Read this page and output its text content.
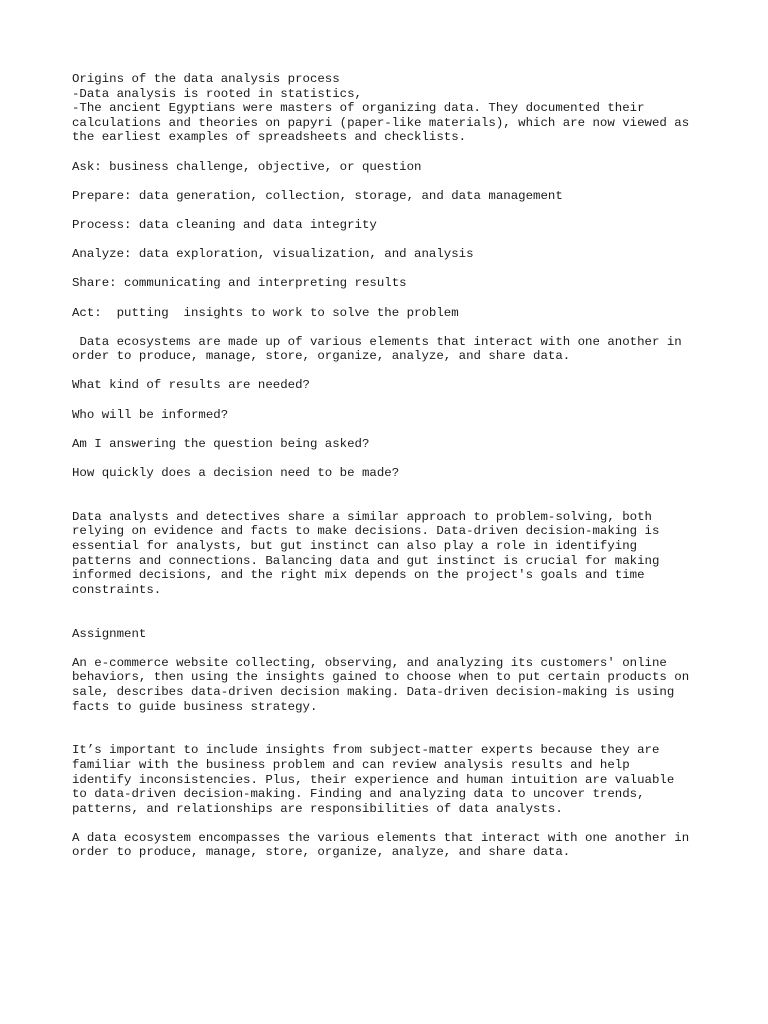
Origins of the data analysis process
-Data analysis is rooted in statistics,
-The ancient Egyptians were masters of organizing data. They documented their
calculations and theories on papyri (paper-like materials), which are now viewed as
the earliest examples of spreadsheets and checklists.

Ask: business challenge, objective, or question

Prepare: data generation, collection, storage, and data management

Process: data cleaning and data integrity

Analyze: data exploration, visualization, and analysis

Share: communicating and interpreting results

Act:  putting  insights to work to solve the problem

Data ecosystems are made up of various elements that interact with one another in
order to produce, manage, store, organize, analyze, and share data.

What kind of results are needed?

Who will be informed?

Am I answering the question being asked?

How quickly does a decision need to be made?

Data analysts and detectives share a similar approach to problem-solving, both
relying on evidence and facts to make decisions. Data-driven decision-making is
essential for analysts, but gut instinct can also play a role in identifying
patterns and connections. Balancing data and gut instinct is crucial for making
informed decisions, and the right mix depends on the project's goals and time
constraints.

Assignment

An e-commerce website collecting, observing, and analyzing its customers' online
behaviors, then using the insights gained to choose when to put certain products on
sale, describes data-driven decision making. Data-driven decision-making is using
facts to guide business strategy.

It’s important to include insights from subject-matter experts because they are
familiar with the business problem and can review analysis results and help
identify inconsistencies. Plus, their experience and human intuition are valuable
to data-driven decision-making. Finding and analyzing data to uncover trends,
patterns, and relationships are responsibilities of data analysts.

A data ecosystem encompasses the various elements that interact with one another in
order to produce, manage, store, organize, analyze, and share data.
